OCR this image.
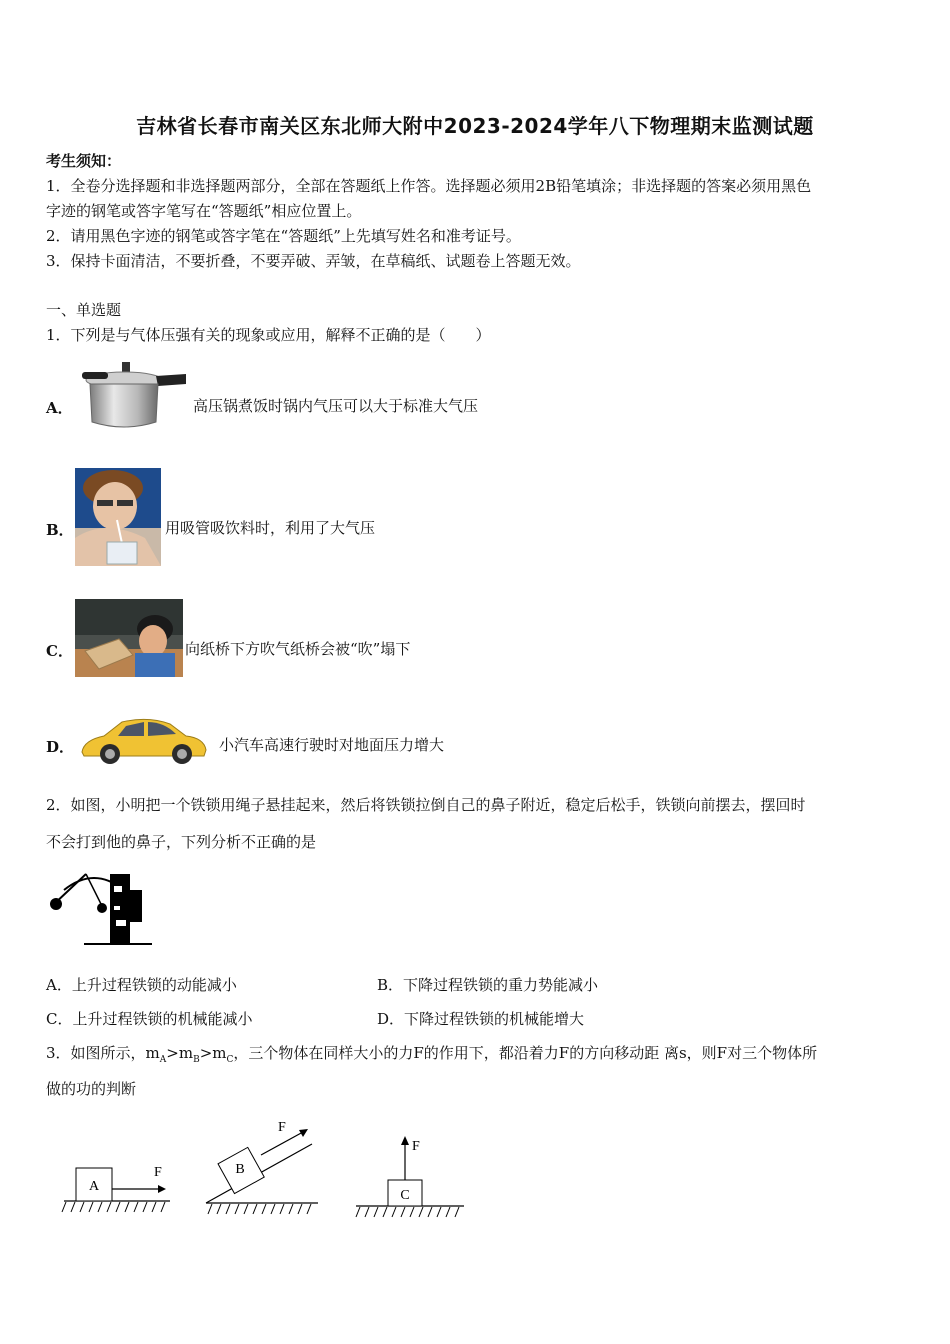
吉林省长春市南关区东北师大附中2023-2024学年八下物理期末监测试题
考生须知：
1．全卷分选择题和非选择题两部分，全部在答题纸上作答。选择题必须用2B铅笔填涂；非选择题的答案必须用黑色
字迹的钢笔或答字笔写在“答题纸”相应位置上。
2．请用黑色字迹的钢笔或答字笔在“答题纸”上先填写姓名和准考证号。
3．保持卡面清洁，不要折叠，不要弄破、弄皱，在草稿纸、试题卷上答题无效。
一、单选题
1．下列是与气体压强有关的现象或应用，解释不正确的是（　　）
A．	高压锅煮饭时锅内气压可以大于标准大气压
B．	用吸管吸饮料时，利用了大气压
C．	向纸桥下方吹气纸桥会被“吹”塌下
D．	小汽车高速行驶时对地面压力增大
2．如图，小明把一个铁锁用绳子悬挂起来，然后将铁锁拉倒自己的鼻子附近，稳定后松手，铁锁向前摆去，摆回时
不会打到他的鼻子，下列分析不正确的是
A．上升过程铁锁的动能减小	B．下降过程铁锁的重力势能减小
C．上升过程铁锁的机械能减小	D．下降过程铁锁的机械能增大
3．如图所示，$m_A>m_B>m_C$，三个物体在同样大小的力F的作用下，都沿着力F的方向移动距 离s，则F对三个物体所
做的功的判断
A
F	B
F
C
F
